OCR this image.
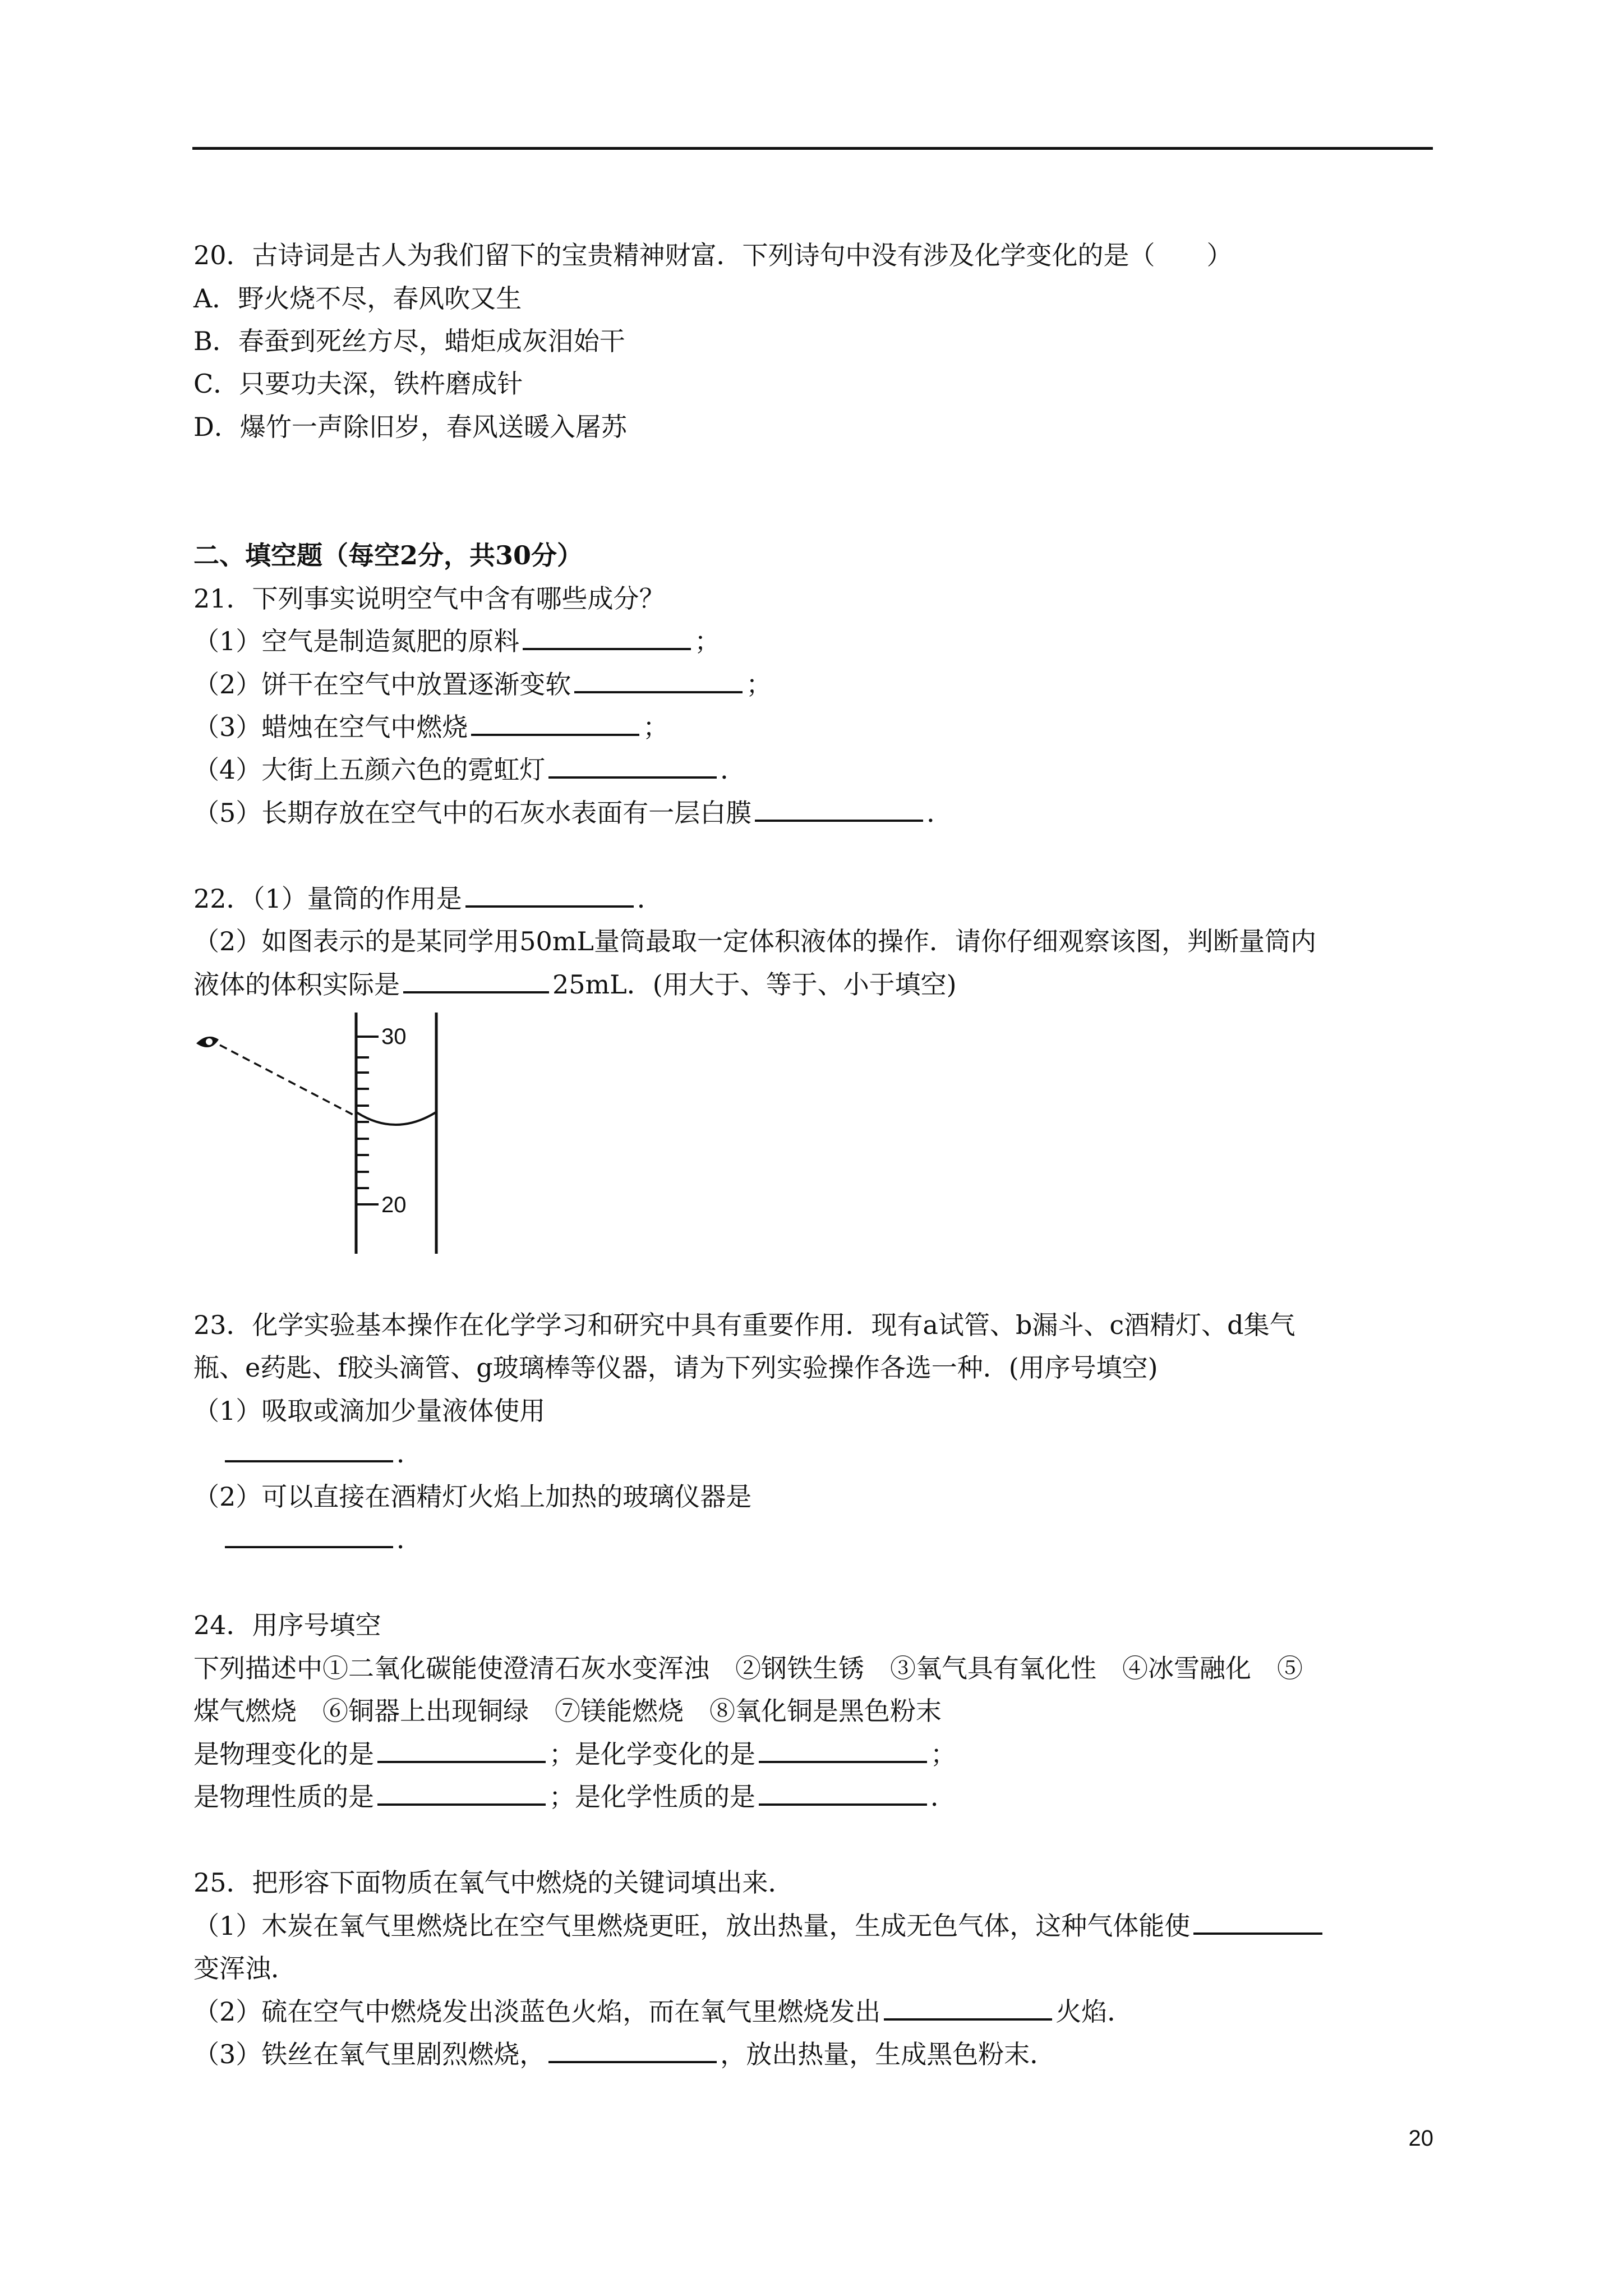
20．古诗词是古人为我们留下的宝贵精神财富．下列诗句中没有涉及化学变化的是（　　）
A．野火烧不尽，春风吹又生
B．春蚕到死丝方尽，蜡炬成灰泪始干
C．只要功夫深，铁杵磨成针
D．爆竹一声除旧岁，春风送暖入屠苏
二、填空题（每空2分，共30分）
21．下列事实说明空气中含有哪些成分？
（1）空气是制造氮肥的原料	；
（2）饼干在空气中放置逐渐变软	；
（3）蜡烛在空气中燃烧	；
（4）大街上五颜六色的霓虹灯	．
（5）长期存放在空气中的石灰水表面有一层白膜	．
22．（1）量筒的作用是	．
（2）如图表示的是某同学用50mL量筒最取一定体积液体的操作．请你仔细观察该图，判断量筒内
液体的体积实际是	25mL．(用大于、等于、小于填空)
30
20
23．化学实验基本操作在化学学习和研究中具有重要作用．现有a试管、b漏斗、c酒精灯、d集气
瓶、e药匙、f胶头滴管、g玻璃棒等仪器，请为下列实验操作各选一种．(用序号填空)
（1）吸取或滴加少量液体使用
．
（2）可以直接在酒精灯火焰上加热的玻璃仪器是
．
24．用序号填空
下列描述中①二氧化碳能使澄清石灰水变浑浊　②钢铁生锈　③氧气具有氧化性　④冰雪融化　⑤
煤气燃烧　⑥铜器上出现铜绿　⑦镁能燃烧　⑧氧化铜是黑色粉末
是物理变化的是	；是化学变化的是	；
是物理性质的是	；是化学性质的是	．
25．把形容下面物质在氧气中燃烧的关键词填出来．
（1）木炭在氧气里燃烧比在空气里燃烧更旺，放出热量，生成无色气体，这种气体能使
变浑浊．
（2）硫在空气中燃烧发出淡蓝色火焰，而在氧气里燃烧发出	火焰．
（3）铁丝在氧气里剧烈燃烧，	，放出热量，生成黑色粉末．
20
